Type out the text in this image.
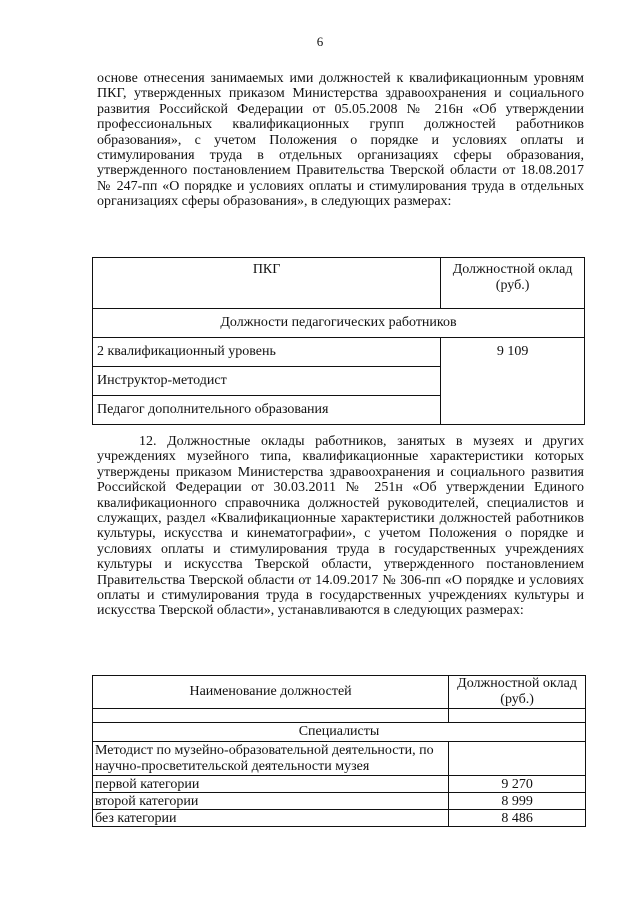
6
основе отнесения занимаемых ими должностей к квалификационным уровням ПКГ, утвержденных приказом Министерства здравоохранения и социального развития Российской Федерации от 05.05.2008 № 216н «Об утверждении профессиональных квалификационных групп должностей работников образования», с учетом Положения о порядке и условиях оплаты и стимулирования труда в отдельных организациях сферы образования, утвержденного постановлением Правительства Тверской области от 18.08.2017 № 247-пп «О порядке и условиях оплаты и стимулирования труда в отдельных организациях сферы образования», в следующих размерах:
ПКГ	Должностной оклад (руб.)
Должности педагогических работников	
2 квалификационный уровень	9 109
Инструктор-методист	
Педагог дополнительного образования	
12. Должностные оклады работников, занятых в музеях и других учреждениях музейного типа, квалификационные характеристики которых утверждены приказом Министерства здравоохранения и социального развития Российской Федерации от 30.03.2011 № 251н «Об утверждении Единого квалификационного справочника должностей руководителей, специалистов и служащих, раздел «Квалификационные характеристики должностей работников культуры, искусства и кинематографии», с учетом Положения о порядке и условиях оплаты и стимулирования труда в государственных учреждениях культуры и искусства Тверской области, утвержденного постановлением Правительства Тверской области от 14.09.2017 № 306-пп «О порядке и условиях оплаты и стимулирования труда в государственных учреждениях культуры и искусства Тверской области», устанавливаются в следующих размерах:
Наименование должностей	Должностной оклад (руб.)

Специалисты	
Методист по музейно-образовательной деятельности, по научно-просветительской деятельности музея	
первой категории	9 270
второй категории	8 999
без категории	8 486
